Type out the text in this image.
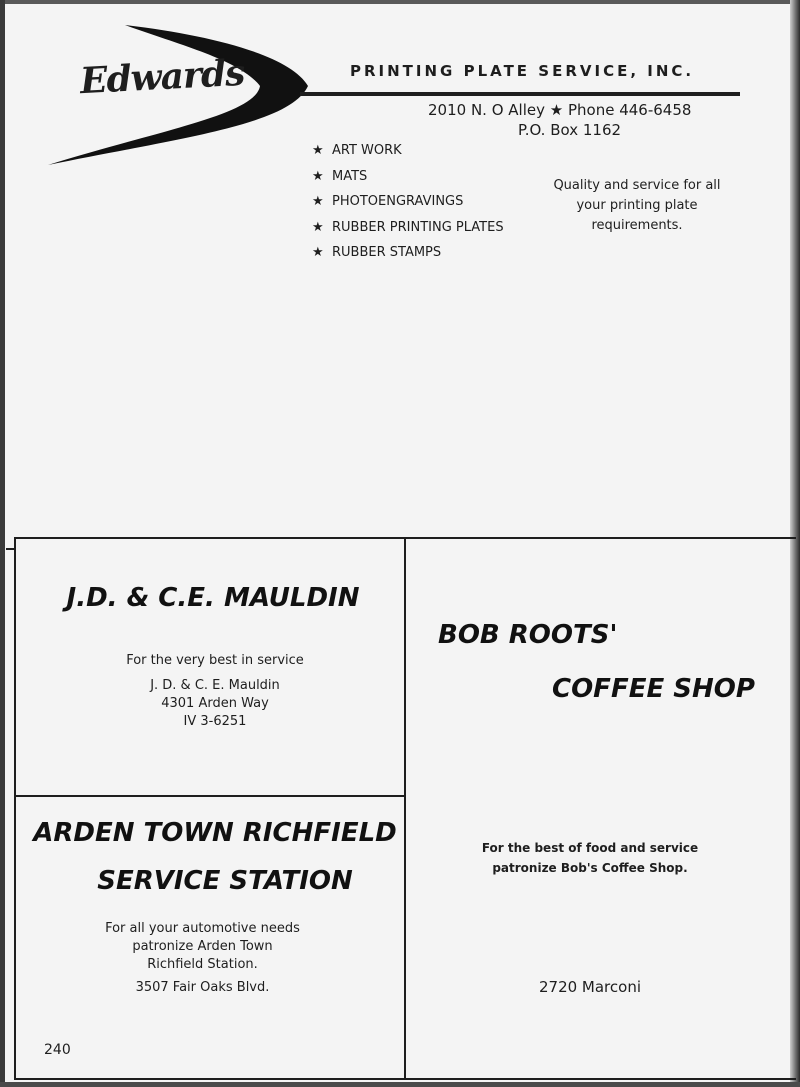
Edwards	PRINTING PLATE SERVICE, INC.
2010 N. O Alley ★ Phone 446-6458
P.O. Box 1162
★ ART WORK
★ MATS
★ PHOTOENGRAVINGS
★ RUBBER PRINTING PLATES
★ RUBBER STAMPS
Quality and service for all your printing plate requirements.
J.D. & C.E. MAULDIN
For the very best in service
J. D. & C. E. Mauldin
4301 Arden Way
IV 3-6251
ARDEN TOWN RICHFIELD
SERVICE STATION
For all your automotive needs
patronize Arden Town
Richfield Station.
3507 Fair Oaks Blvd.
BOB ROOTS'
COFFEE SHOP
For the best of food and service
patronize Bob's Coffee Shop.
2720 Marconi
240
